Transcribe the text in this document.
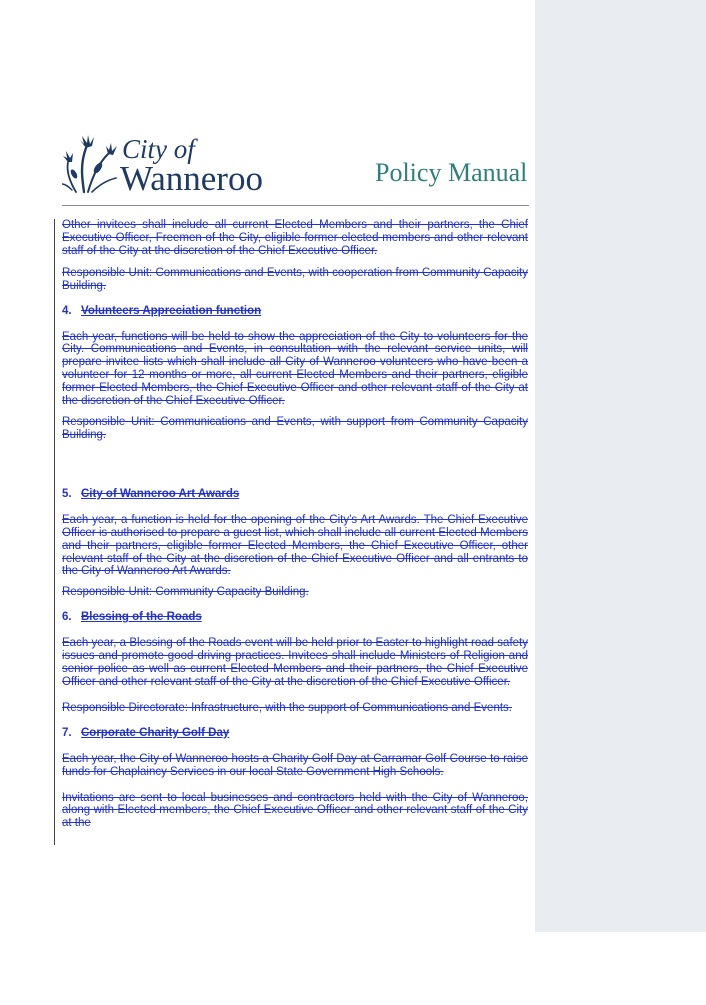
City of
Wanneroo	Policy Manual

Other invitees shall include all current Elected Members and their partners, the Chief Executive Officer, Freemen of the City, eligible former elected members and other relevant staff of the City at the discretion of the Chief Executive Officer.

Responsible Unit: Communications and Events, with cooperation from Community Capacity Building.

4. Volunteers Appreciation function

Each year, functions will be held to show the appreciation of the City to volunteers for the City. Communications and Events, in consultation with the relevant service units, will prepare invitee lists which shall include all City of Wanneroo volunteers who have been a volunteer for 12 months or more, all current Elected Members and their partners, eligible former Elected Members, the Chief Executive Officer and other relevant staff of the City at the discretion of the Chief Executive Officer.

Responsible Unit: Communications and Events, with support from Community Capacity Building.

5. City of Wanneroo Art Awards

Each year, a function is held for the opening of the City’s Art Awards. The Chief Executive Officer is authorised to prepare a guest list, which shall include all current Elected Members and their partners, eligible former Elected Members, the Chief Executive Officer, other relevant staff of the City at the discretion of the Chief Executive Officer and all entrants to the City of Wanneroo Art Awards.

Responsible Unit: Community Capacity Building.

6. Blessing of the Roads

Each year, a Blessing of the Roads event will be held prior to Easter to highlight road safety issues and promote good driving practices. Invitees shall include Ministers of Religion and senior police as well as current Elected Members and their partners, the Chief Executive Officer and other relevant staff of the City at the discretion of the Chief Executive Officer.

Responsible Directorate: Infrastructure, with the support of Communications and Events.

7. Corporate Charity Golf Day

Each year, the City of Wanneroo hosts a Charity Golf Day at Carramar Golf Course to raise funds for Chaplaincy Services in our local State Government High Schools.

Invitations are sent to local businesses and contractors held with the City of Wanneroo, along with Elected members, the Chief Executive Officer and other relevant staff of the City at the
